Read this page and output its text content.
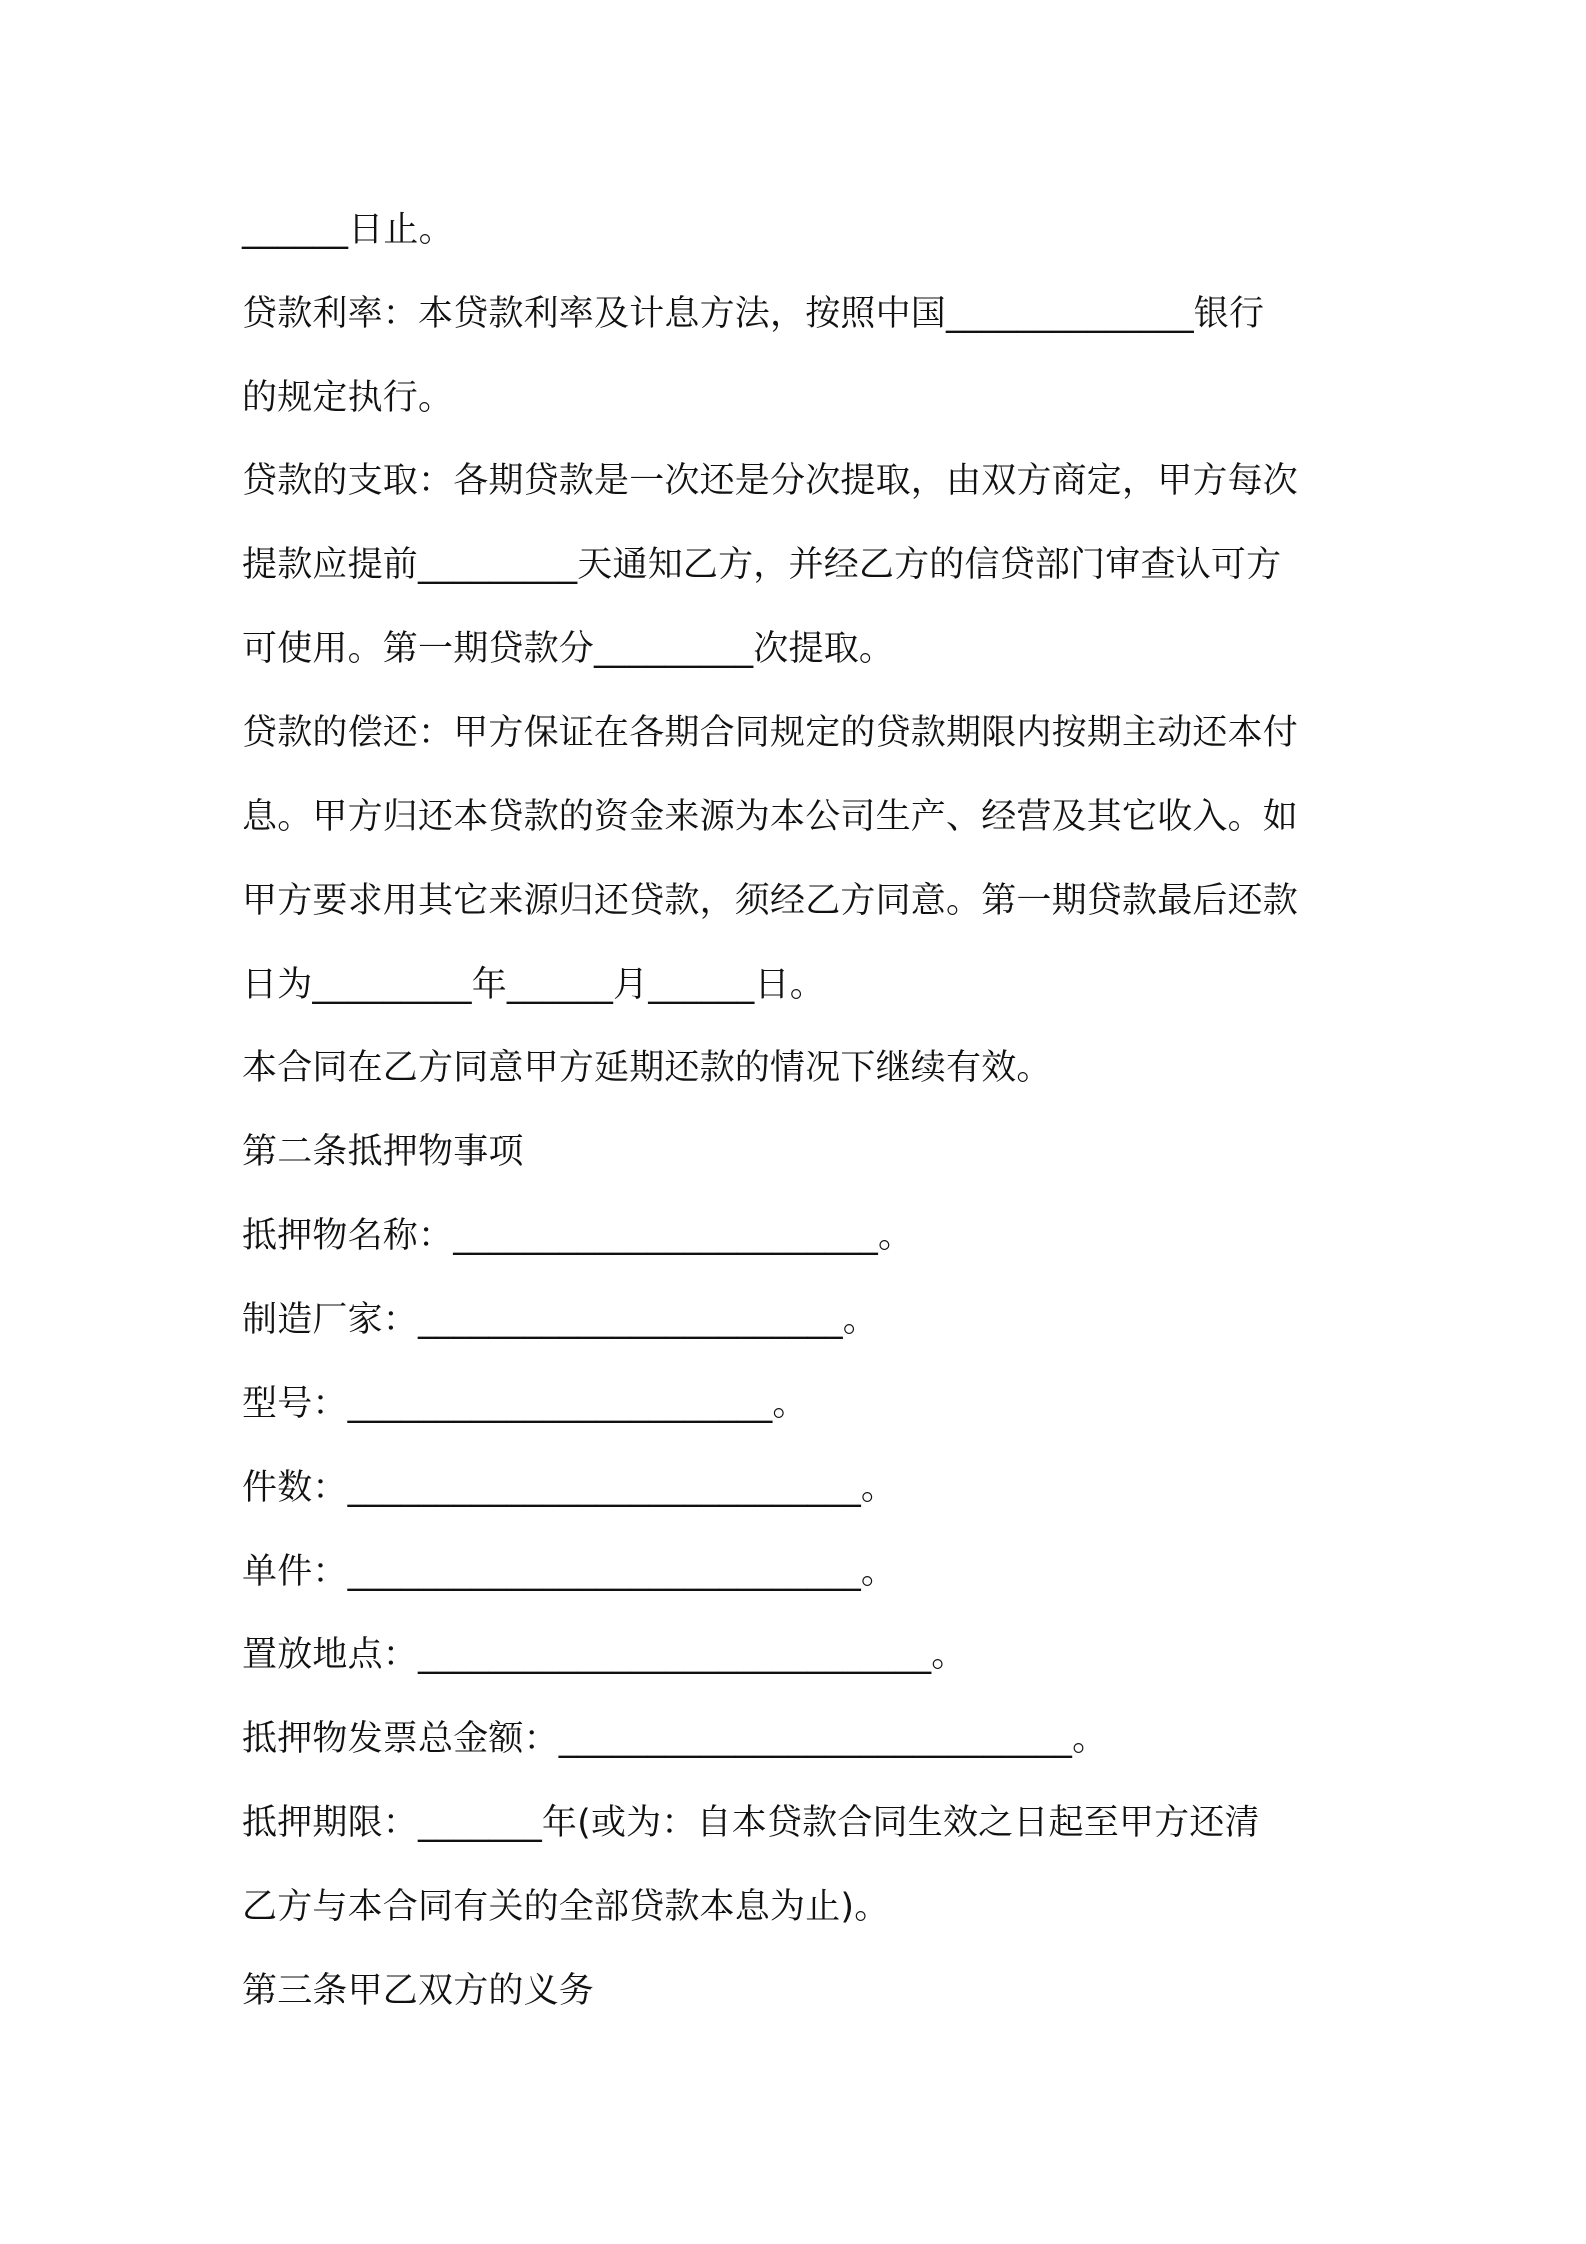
______日止。
贷款利率：本贷款利率及计息方法，按照中国______________银行
的规定执行。
贷款的支取：各期贷款是一次还是分次提取，由双方商定，甲方每次
提款应提前_________天通知乙方，并经乙方的信贷部门审查认可方
可使用。第一期贷款分_________次提取。
贷款的偿还：甲方保证在各期合同规定的贷款期限内按期主动还本付
息。甲方归还本贷款的资金来源为本公司生产、经营及其它收入。如
甲方要求用其它来源归还贷款，须经乙方同意。第一期贷款最后还款
日为_________年______月______日。
本合同在乙方同意甲方延期还款的情况下继续有效。
第二条抵押物事项
抵押物名称：________________________。
制造厂家：________________________。
型号：________________________。
件数：_____________________________。
单件：_____________________________。
置放地点：_____________________________。
抵押物发票总金额：_____________________________。
抵押期限：_______年(或为：自本贷款合同生效之日起至甲方还清
乙方与本合同有关的全部贷款本息为止)。
第三条甲乙双方的义务
